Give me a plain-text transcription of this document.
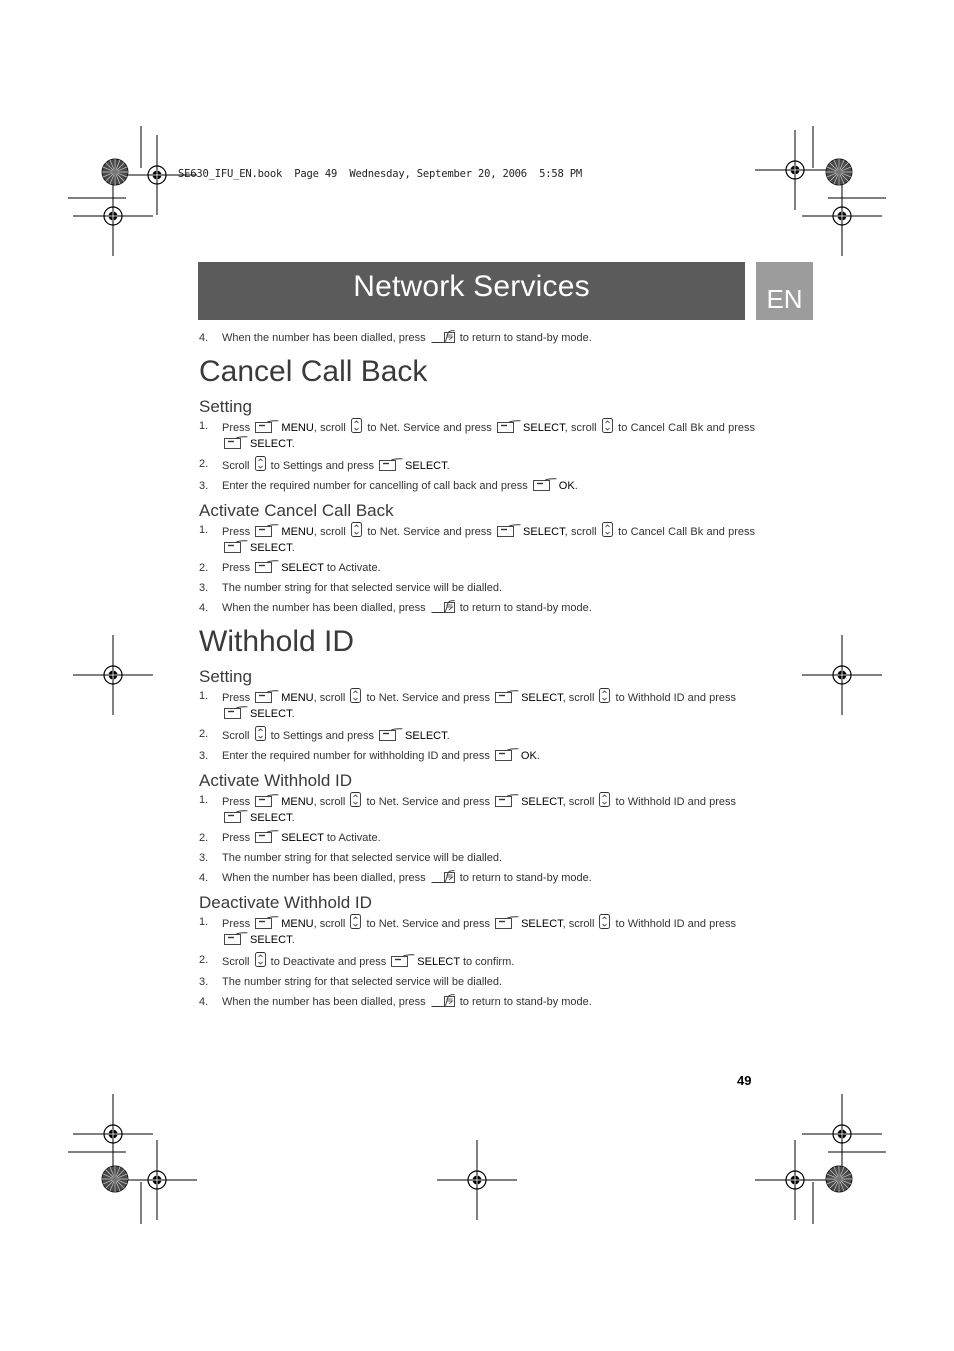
SE630_IFU_EN.book  Page 49  Wednesday, September 20, 2006  5:58 PM
Network Services	EN
4. When the number has been dialled, press	to return to stand-by mode.
Cancel Call Back
Setting
1. Press	MENU, scroll to Net. Service and press	SELECT, scroll to Cancel Call Bk and press
SELECT.
2. Scroll to Settings and press	SELECT.
3. Enter the required number for cancelling of call back and press	OK.
Activate Cancel Call Back
1. Press	MENU, scroll to Net. Service and press	SELECT, scroll to Cancel Call Bk and press
SELECT.
2. Press	SELECT to Activate.
3. The number string for that selected service will be dialled.
4. When the number has been dialled, press	to return to stand-by mode.
Withhold ID
Setting
1. Press	MENU, scroll to Net. Service and press	SELECT, scroll to Withhold ID and press
SELECT.
2. Scroll to Settings and press	SELECT.
3. Enter the required number for withholding ID and press	OK.
Activate Withhold ID
1. Press	MENU, scroll to Net. Service and press	SELECT, scroll to Withhold ID and press
SELECT.
2. Press	SELECT to Activate.
3. The number string for that selected service will be dialled.
4. When the number has been dialled, press	to return to stand-by mode.
Deactivate Withhold ID
1. Press	MENU, scroll to Net. Service and press	SELECT, scroll to Withhold ID and press
SELECT.
2. Scroll to Deactivate and press	SELECT to confirm.
3. The number string for that selected service will be dialled.
4. When the number has been dialled, press	to return to stand-by mode.
49
